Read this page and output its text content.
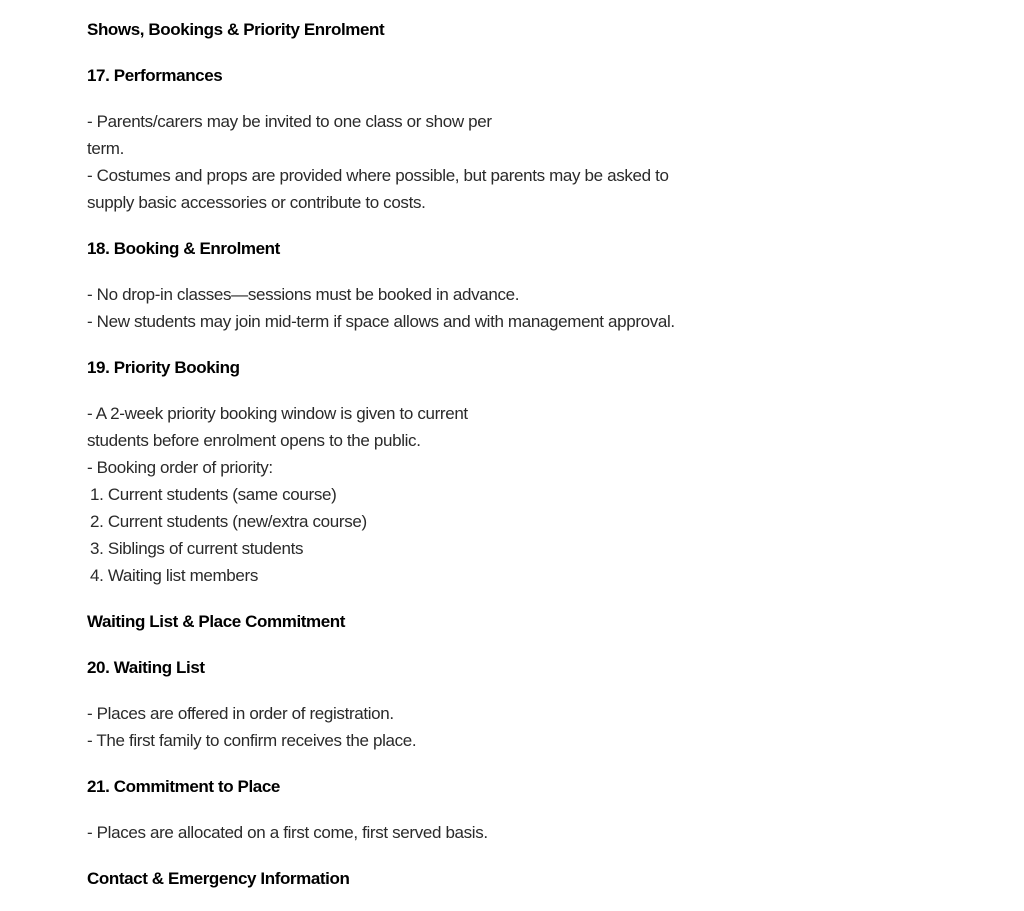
Shows, Bookings & Priority Enrolment
17. Performances
- Parents/carers may be invited to one class or show per
term.
- Costumes and props are provided where possible, but parents may be asked to
supply basic accessories or contribute to costs.
18. Booking & Enrolment
- No drop-in classes—sessions must be booked in advance.
- New students may join mid-term if space allows and with management approval.
19. Priority Booking
- A 2-week priority booking window is given to current
students before enrolment opens to the public.
- Booking order of priority:
1. Current students (same course)
2. Current students (new/extra course)
3. Siblings of current students
4. Waiting list members
Waiting List & Place Commitment
20. Waiting List
- Places are offered in order of registration.
- The first family to confirm receives the place.
21. Commitment to Place
- Places are allocated on a first come, first served basis.
Contact & Emergency Information
